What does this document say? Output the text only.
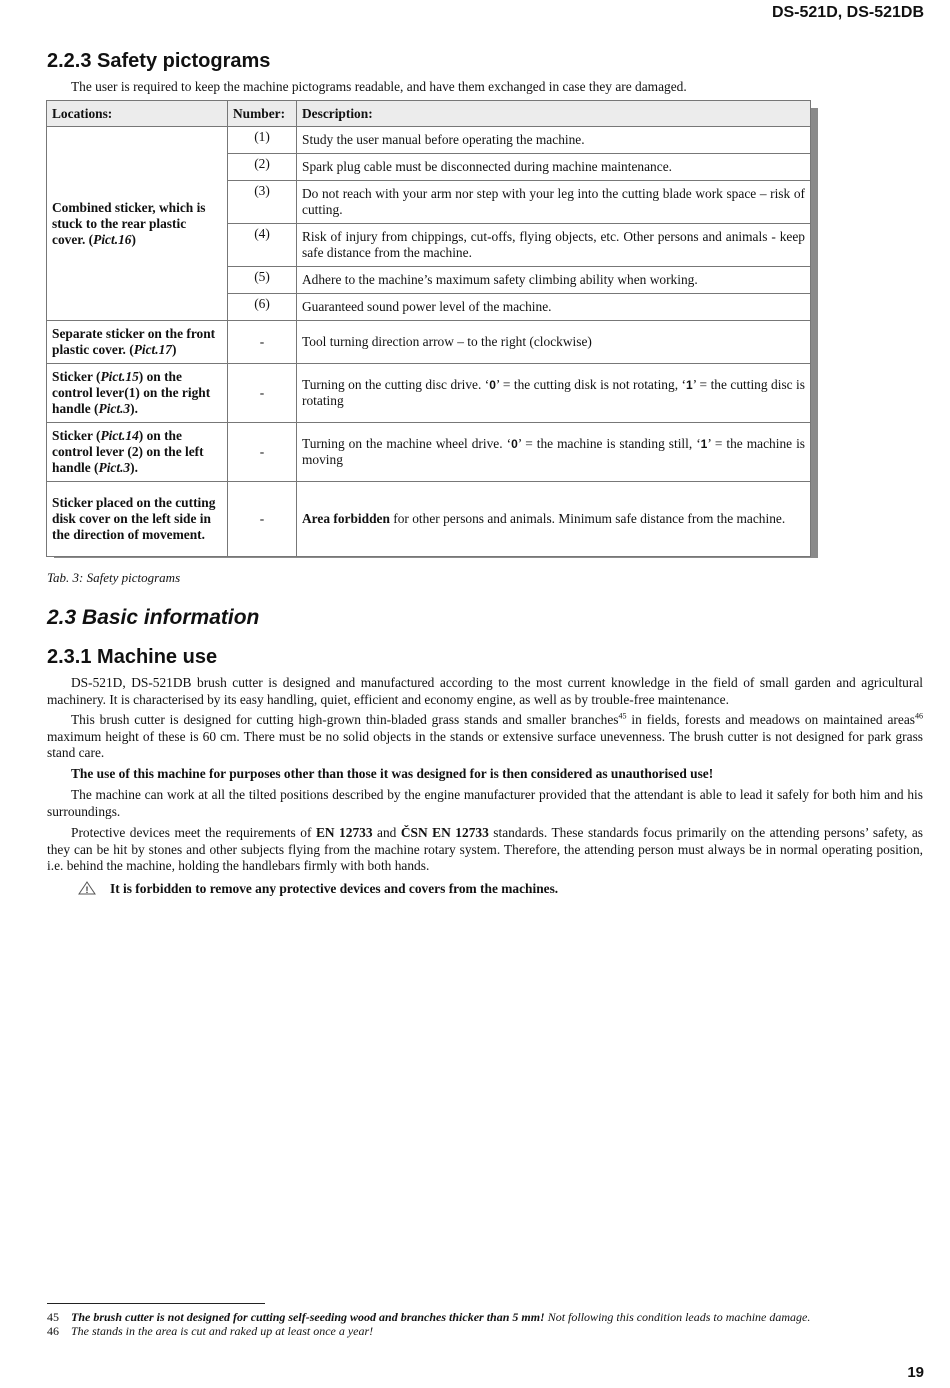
DS-521D, DS-521DB
2.2.3 Safety pictograms

The user is required to keep the machine pictograms readable, and have them exchanged in case they are damaged.

Locations:	Number:	Description:
Combined sticker, which is stuck to the rear plastic cover. (Pict.16)	(1)	Study the user manual before operating the machine.
	(2)	Spark plug cable must be disconnected during machine maintenance.
	(3)	Do not reach with your arm nor step with your leg into the cutting blade work space – risk of cutting.
	(4)	Risk of injury from chippings, cut-offs, flying objects, etc. Other persons and animals - keep safe distance from the machine.
	(5)	Adhere to the machine’s maximum safety climbing ability when working.
	(6)	Guaranteed sound power level of the machine.
Separate sticker on the front plastic cover. (Pict.17)	-	Tool turning direction arrow – to the right (clockwise)
Sticker (Pict.15) on the control lever(1) on the right handle (Pict.3).	-	Turning on the cutting disc drive. ‘0’ = the cutting disk is not rotating, ‘1’ = the cutting disc is rotating
Sticker (Pict.14) on the control lever (2) on the left handle (Pict.3).	-	Turning on the machine wheel drive. ‘0’ = the machine is standing still, ‘1’ = the machine is moving
Sticker placed on the cutting disk cover on the left side in the direction of movement.	-	Area forbidden for other persons and animals. Minimum safe distance from the machine.
Tab. 3: Safety pictograms
2.3 Basic information
2.3.1 Machine use

DS-521D, DS-521DB brush cutter is designed and manufactured according to the most current knowledge in the field of small garden and agricultural machinery. It is characterised by its easy handling, quiet, efficient and economy engine, as well as by trouble-free maintenance.

This brush cutter is designed for cutting high-grown thin-bladed grass stands and smaller branches$^{45}$ in fields, forests and meadows on maintained areas$^{46}$ maximum height of these is 60 cm. There must be no solid objects in the stands or extensive surface unevenness. The brush cutter is not designed for park grass stand care.

The use of this machine for purposes other than those it was designed for is then considered as unauthorised use!

The machine can work at all the tilted positions described by the engine manufacturer provided that the attendant is able to lead it safely for both him and his surroundings.

Protective devices meet the requirements of EN 12733 and ČSN EN 12733 standards. These standards focus primarily on the attending persons’ safety, as they can be hit by stones and other subjects flying from the machine rotary system. Therefore, the attending person must always be in normal operating position, i.e. behind the machine, holding the handlebars firmly with both hands.

! It is forbidden to remove any protective devices and covers from the machines.
45 The brush cutter is not designed for cutting self-seeding wood and branches thicker than 5 mm! Not following this condition leads to machine damage.
46 The stands in the area is cut and raked up at least once a year!
19
